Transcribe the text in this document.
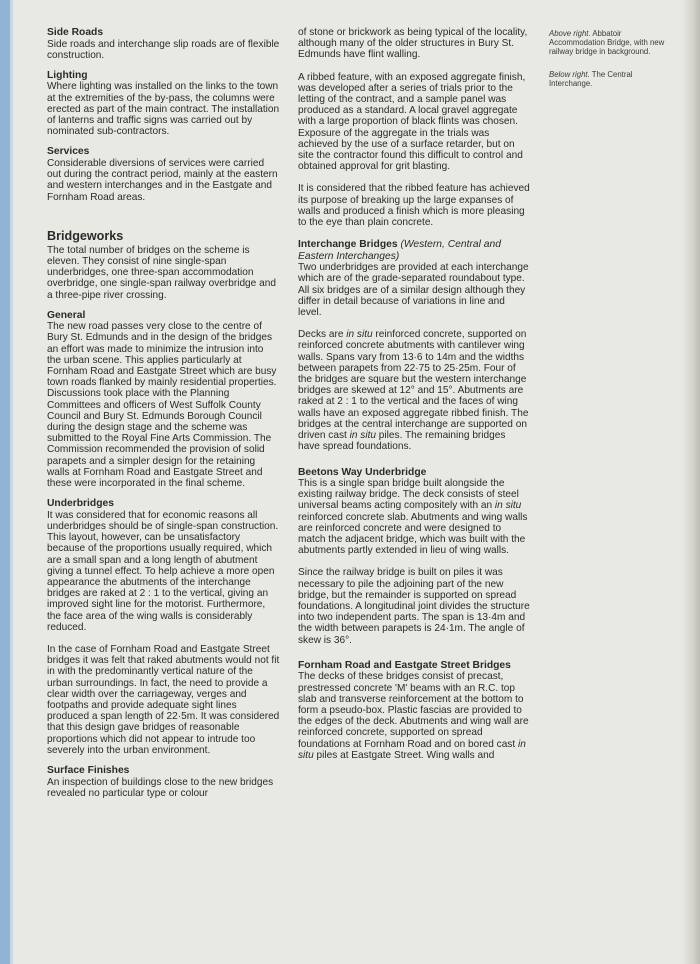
Side Roads

Side roads and interchange slip roads are of flexible construction.

Lighting

Where lighting was installed on the links to the town at the extremities of the by-pass, the columns were erected as part of the main contract. The installation of lanterns and traffic signs was carried out by nominated sub-contractors.

Services

Considerable diversions of services were carried out during the contract period, mainly at the eastern and western interchanges and in the Eastgate and Fornham Road areas.

Bridgeworks

The total number of bridges on the scheme is eleven. They consist of nine single-span underbridges, one three-span accommodation overbridge, one single-span railway overbridge and a three-pipe river crossing.

General

The new road passes very close to the centre of Bury St. Edmunds and in the design of the bridges an effort was made to minimize the intrusion into the urban scene. This applies particularly at Fornham Road and Eastgate Street which are busy town roads flanked by mainly residential properties. Discussions took place with the Planning Committees and officers of West Suffolk County Council and Bury St. Edmunds Borough Council during the design stage and the scheme was submitted to the Royal Fine Arts Commission. The Commission recommended the provision of solid parapets and a simpler design for the retaining walls at Fornham Road and Eastgate Street and these were incorporated in the final scheme.

Underbridges

It was considered that for economic reasons all underbridges should be of single-span construction. This layout, however, can be unsatisfactory because of the proportions usually required, which are a small span and a long length of abutment giving a tunnel effect. To help achieve a more open appearance the abutments of the interchange bridges are raked at 2 : 1 to the vertical, giving an improved sight line for the motorist. Furthermore, the face area of the wing walls is considerably reduced.

In the case of Fornham Road and Eastgate Street bridges it was felt that raked abutments would not fit in with the predominantly vertical nature of the urban surroundings. In fact, the need to provide a clear width over the carriageway, verges and footpaths and provide adequate sight lines produced a span length of 22·5m. It was considered that this design gave bridges of reasonable proportions which did not appear to intrude too severely into the urban environment.

Surface Finishes

An inspection of buildings close to the new bridges revealed no particular type or colour

of stone or brickwork as being typical of the locality, although many of the older structures in Bury St. Edmunds have flint walling.

A ribbed feature, with an exposed aggregate finish, was developed after a series of trials prior to the letting of the contract, and a sample panel was produced as a standard. A local gravel aggregate with a large proportion of black flints was chosen. Exposure of the aggregate in the trials was achieved by the use of a surface retarder, but on site the contractor found this difficult to control and obtained approval for grit blasting.

It is considered that the ribbed feature has achieved its purpose of breaking up the large expanses of walls and produced a finish which is more pleasing to the eye than plain concrete.

Interchange Bridges (Western, Central and Eastern Interchanges)

Two underbridges are provided at each interchange which are of the grade-separated roundabout type. All six bridges are of a similar design although they differ in detail because of variations in line and level.

Decks are in situ reinforced concrete, supported on reinforced concrete abutments with cantilever wing walls. Spans vary from 13·6 to 14m and the widths between parapets from 22·75 to 25·25m. Four of the bridges are square but the western interchange bridges are skewed at 12° and 15°. Abutments are raked at 2 : 1 to the vertical and the faces of wing walls have an exposed aggregate ribbed finish. The bridges at the central interchange are supported on driven cast in situ piles. The remaining bridges have spread foundations.

Beetons Way Underbridge

This is a single span bridge built alongside the existing railway bridge. The deck consists of steel universal beams acting compositely with an in situ reinforced concrete slab. Abutments and wing walls are reinforced concrete and were designed to match the adjacent bridge, which was built with the abutments partly extended in lieu of wing walls.

Since the railway bridge is built on piles it was necessary to pile the adjoining part of the new bridge, but the remainder is supported on spread foundations. A longitudinal joint divides the structure into two independent parts. The span is 13·4m and the width between parapets is 24·1m. The angle of skew is 36°.

Fornham Road and Eastgate Street Bridges

The decks of these bridges consist of precast, prestressed concrete 'M' beams with an R.C. top slab and transverse reinforcement at the bottom to form a pseudo-box. Plastic fascias are provided to the edges of the deck. Abutments and wing wall are reinforced concrete, supported on spread foundations at Fornham Road and on bored cast in situ piles at Eastgate Street. Wing walls and

Above right. Abbatoir Accommodation Bridge, with new railway bridge in background.

Below right. The Central Interchange.
